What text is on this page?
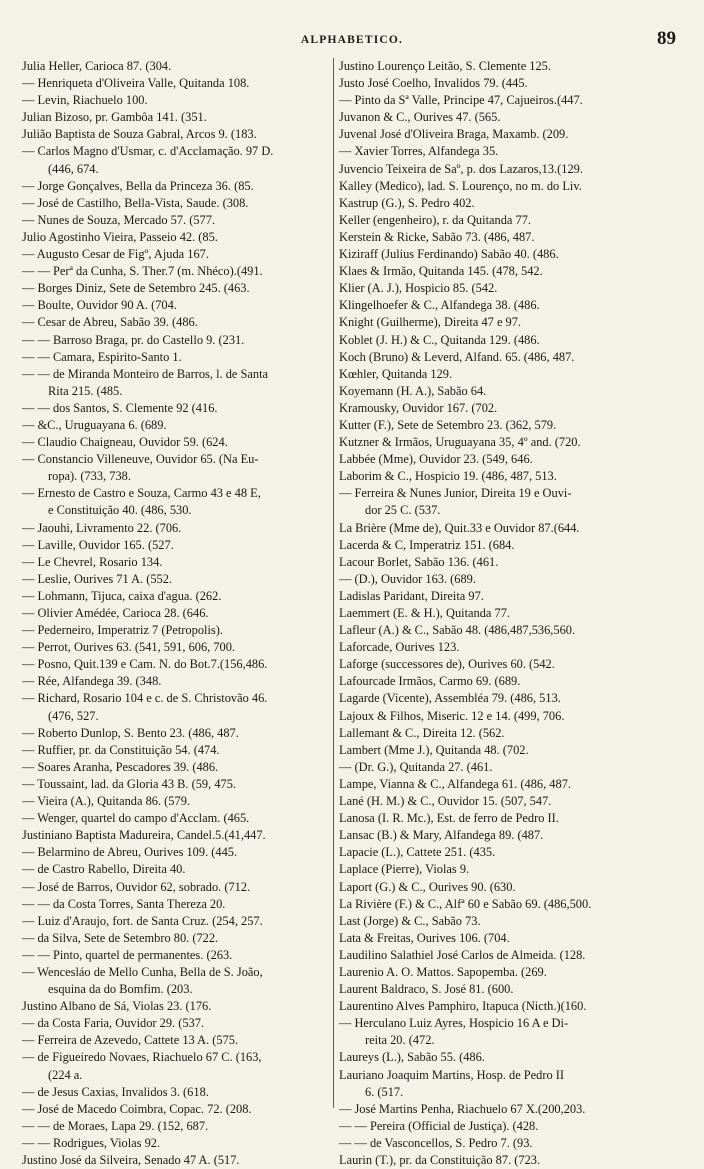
ALPHABETICO.	89
Julia Heller, Carioca 87. (304.
— Henriqueta d'Oliveira Valle, Quitanda 108.
— Levin, Riachuelo 100.
Julian Bizoso, pr. Gambôa 141. (351.
Julião Baptista de Souza Gabral, Arcos 9. (183.
— Carlos Magno d'Usmar, c. d'Acclamação. 97 D.
(446, 674.
— Jorge Gonçalves, Bella da Princeza 36. (85.
— José de Castilho, Bella-Vista, Saude. (308.
— Nunes de Souza, Mercado 57. (577.
Julio Agostinho Vieira, Passeio 42. (85.
— Augusto Cesar de Figº, Ajuda 167.
— — Perª da Cunha, S. Ther.7 (m. Nhéco).(491.
— Borges Diniz, Sete de Setembro 245. (463.
— Boulte, Ouvidor 90 A. (704.
— Cesar de Abreu, Sabão 39. (486.
— — Barroso Braga, pr. do Castello 9. (231.
— — Camara, Espirito-Santo 1.
— — de Miranda Monteiro de Barros, l. de Santa
Rita 215. (485.
— — dos Santos, S. Clemente 92 (416.
— &C., Uruguayana 6. (689.
— Claudio Chaigneau, Ouvidor 59. (624.
— Constancio Villeneuve, Ouvidor 65. (Na Eu-
ropa). (733, 738.
— Ernesto de Castro e Souza, Carmo 43 e 48 E,
e Constituição 40. (486, 530.
— Jaouhi, Livramento 22. (706.
— Laville, Ouvidor 165. (527.
— Le Chevrel, Rosario 134.
— Leslie, Ourives 71 A. (552.
— Lohmann, Tijuca, caixa d'agua. (262.
— Olivier Amédée, Carioca 28. (646.
— Pederneiro, Imperatriz 7 (Petropolis).
— Perrot, Ourives 63. (541, 591, 606, 700.
— Posno, Quit.139 e Cam. N. do Bot.7.(156,486.
— Rée, Alfandega 39. (348.
— Richard, Rosario 104 e c. de S. Christovão 46.
(476, 527.
— Roberto Dunlop, S. Bento 23. (486, 487.
— Ruffier, pr. da Constituição 54. (474.
— Soares Aranha, Pescadores 39. (486.
— Toussaint, lad. da Gloria 43 B. (59, 475.
— Vieira (A.), Quitanda 86. (579.
— Wenger, quartel do campo d'Acclam. (465.
Justiniano Baptista Madureira, Candel.5.(41,447.
— Belarmino de Abreu, Ourives 109. (445.
— de Castro Rabello, Direita 40.
— José de Barros, Ouvidor 62, sobrado. (712.
— — da Costa Torres, Santa Thereza 20.
— Luiz d'Araujo, fort. de Santa Cruz. (254, 257.
— da Silva, Sete de Setembro 80. (722.
— — Pinto, quartel de permanentes. (263.
— Wencesláo de Mello Cunha, Bella de S. João,
esquina da do Bomfim. (203.
Justino Albano de Sá, Violas 23. (176.
— da Costa Faria, Ouvidor 29. (537.
— Ferreira de Azevedo, Cattete 13 A. (575.
— de Figueiredo Novaes, Riachuelo 67 C. (163,
(224 a.
— de Jesus Caxias, Invalidos 3. (618.
— José de Macedo Coimbra, Copac. 72. (208.
— — de Moraes, Lapa 29. (152, 687.
— — Rodrigues, Violas 92.
Justino José da Silveira, Senado 47 A. (517.
Justino Lourenço Leitão, S. Clemente 125.
Justo José Coelho, Invalidos 79. (445.
— Pinto da Sª Valle, Principe 47, Cajueiros.(447.
Juvanon & C., Ourives 47. (565.
Juvenal José d'Oliveira Braga, Maxamb. (209.
— Xavier Torres, Alfandega 35.
Juvencio Teixeira de Saº, p. dos Lazaros,13.(129.
Kalley (Medico), lad. S. Lourenço, no m. do Liv.
Kastrup (G.), S. Pedro 402.
Keller (engenheiro), r. da Quitanda 77.
Kerstein & Ricke, Sabão 73. (486, 487.
Kiziraff (Julius Ferdinando) Sabão 40. (486.
Klaes & Irmão, Quitanda 145. (478, 542.
Klier (A. J.), Hospicio 85. (542.
Klingelhoefer & C., Alfandega 38. (486.
Knight (Guilherme), Direita 47 e 97.
Koblet (J. H.) & C., Quitanda 129. (486.
Koch (Bruno) & Leverd, Alfand. 65. (486, 487.
Kœhler, Quitanda 129.
Koyemann (H. A.), Sabão 64.
Kramousky, Ouvidor 167. (702.
Kutter (F.), Sete de Setembro 23. (362, 579.
Kutzner & Irmãos, Uruguayana 35, 4º and. (720.
Labbée (Mme), Ouvidor 23. (549, 646.
Laborim & C., Hospicio 19. (486, 487, 513.
— Ferreira & Nunes Junior, Direita 19 e Ouvi-
dor 25 C. (537.
La Brière (Mme de), Quit.33 e Ouvidor 87.(644.
Lacerda & C, Imperatriz 151. (684.
Lacour Borlet, Sabão 136. (461.
— (D.), Ouvidor 163. (689.
Ladislas Paridant, Direita 97.
Laemmert (E. & H.), Quitanda 77.
Lafleur (A.) & C., Sabão 48. (486,487,536,560.
Laforcade, Ourives 123.
Laforge (successores de), Ourives 60. (542.
Lafourcade Irmãos, Carmo 69. (689.
Lagarde (Vicente), Assembléa 79. (486, 513.
Lajoux & Filhos, Miseric. 12 e 14. (499, 706.
Lallemant & C., Direita 12. (562.
Lambert (Mme J.), Quitanda 48. (702.
— (Dr. G.), Quitanda 27. (461.
Lampe, Vianna & C., Alfandega 61. (486, 487.
Lané (H. M.) & C., Ouvidor 15. (507, 547.
Lanosa (I. R. Mc.), Est. de ferro de Pedro II.
Lansac (B.) & Mary, Alfandega 89. (487.
Lapacie (L.), Cattete 251. (435.
Laplace (Pierre), Violas 9.
Laport (G.) & C., Ourives 90. (630.
La Rivière (F.) & C., Alfª 60 e Sabão 69. (486,500.
Last (Jorge) & C., Sabão 73.
Lata & Freitas, Ourives 106. (704.
Laudilino Salathiel José Carlos de Almeida. (128.
Laurenio A. O. Mattos. Sapopemba. (269.
Laurent Baldraco, S. José 81. (600.
Laurentino Alves Pamphiro, Itapuca (Nicth.)(160.
— Herculano Luiz Ayres, Hospicio 16 A e Di-
reita 20. (472.
Laureys (L.), Sabão 55. (486.
Lauriano Joaquim Martins, Hosp. de Pedro II
6. (517.
— José Martins Penha, Riachuelo 67 X.(200,203.
— — Pereira (Official de Justiça). (428.
— — de Vasconcellos, S. Pedro 7. (93.
Laurin (T.), pr. da Constituição 87. (723.
